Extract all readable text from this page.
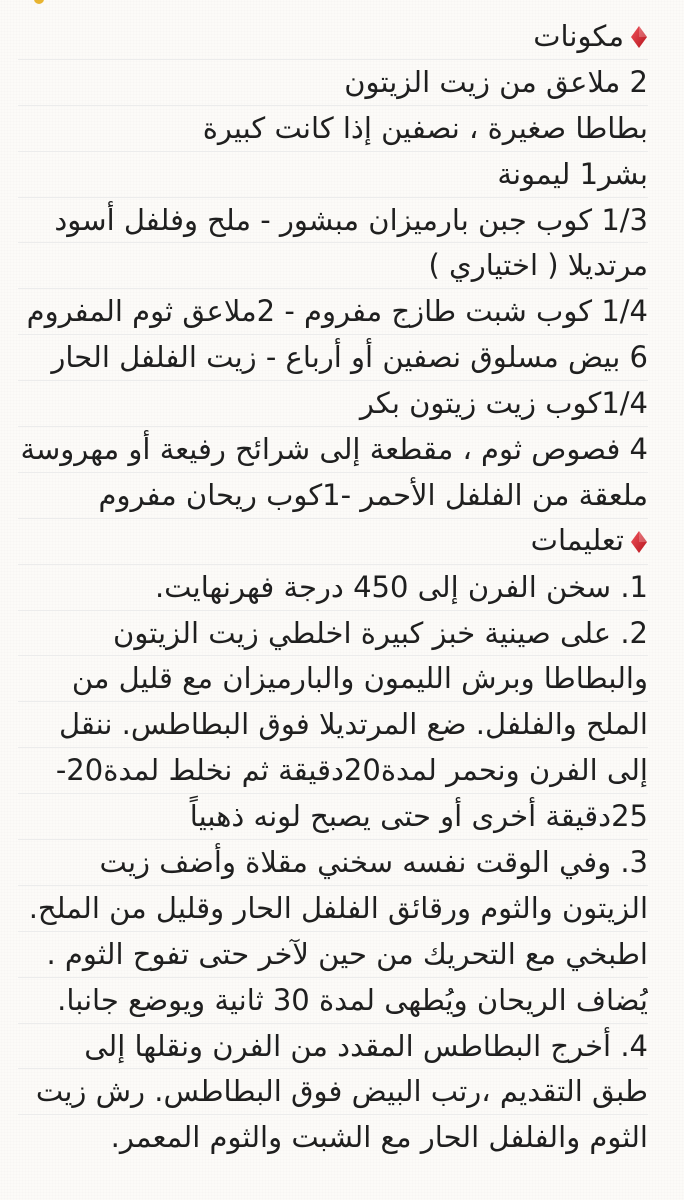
مكونات
2 ملاعق من زيت الزيتون
بطاطا صغيرة ، نصفين إذا كانت كبيرة
بشر1 ليمونة
1/3 كوب جبن بارميزان مبشور - ملح وفلفل أسود
مرتديلا ( اختياري )
1/4 كوب شبت طازج مفروم - 2ملاعق ثوم المفروم
6 بيض مسلوق نصفين أو أرباع - زيت الفلفل الحار
1/4كوب زيت زيتون بكر
4 فصوص ثوم ، مقطعة إلى شرائح رفيعة أو مهروسة
ملعقة من الفلفل الأحمر -1كوب ريحان مفروم
تعليمات
1. سخن الفرن إلى 450 درجة فهرنهايت.
2. على صينية خبز كبيرة اخلطي زيت الزيتون
والبطاطا وبرش الليمون والبارميزان مع قليل من
الملح والفلفل. ضع المرتديلا فوق البطاطس. ننقل
إلى الفرن ونحمر لمدة20دقيقة ثم نخلط لمدة20-
25دقيقة أخرى أو حتى يصبح لونه ذهبياً
3. وفي الوقت نفسه سخني مقلاة وأضف زيت
الزيتون والثوم ورقائق الفلفل الحار وقليل من الملح.
اطبخي مع التحريك من حين لآخر حتى تفوح الثوم .
يُضاف الريحان ويُطهى لمدة 30 ثانية ويوضع جانبا.
4. أخرج البطاطس المقدد من الفرن ونقلها إلى
طبق التقديم ،رتب البيض فوق البطاطس. رش زيت
الثوم والفلفل الحار مع الشبت والثوم المعمر.
